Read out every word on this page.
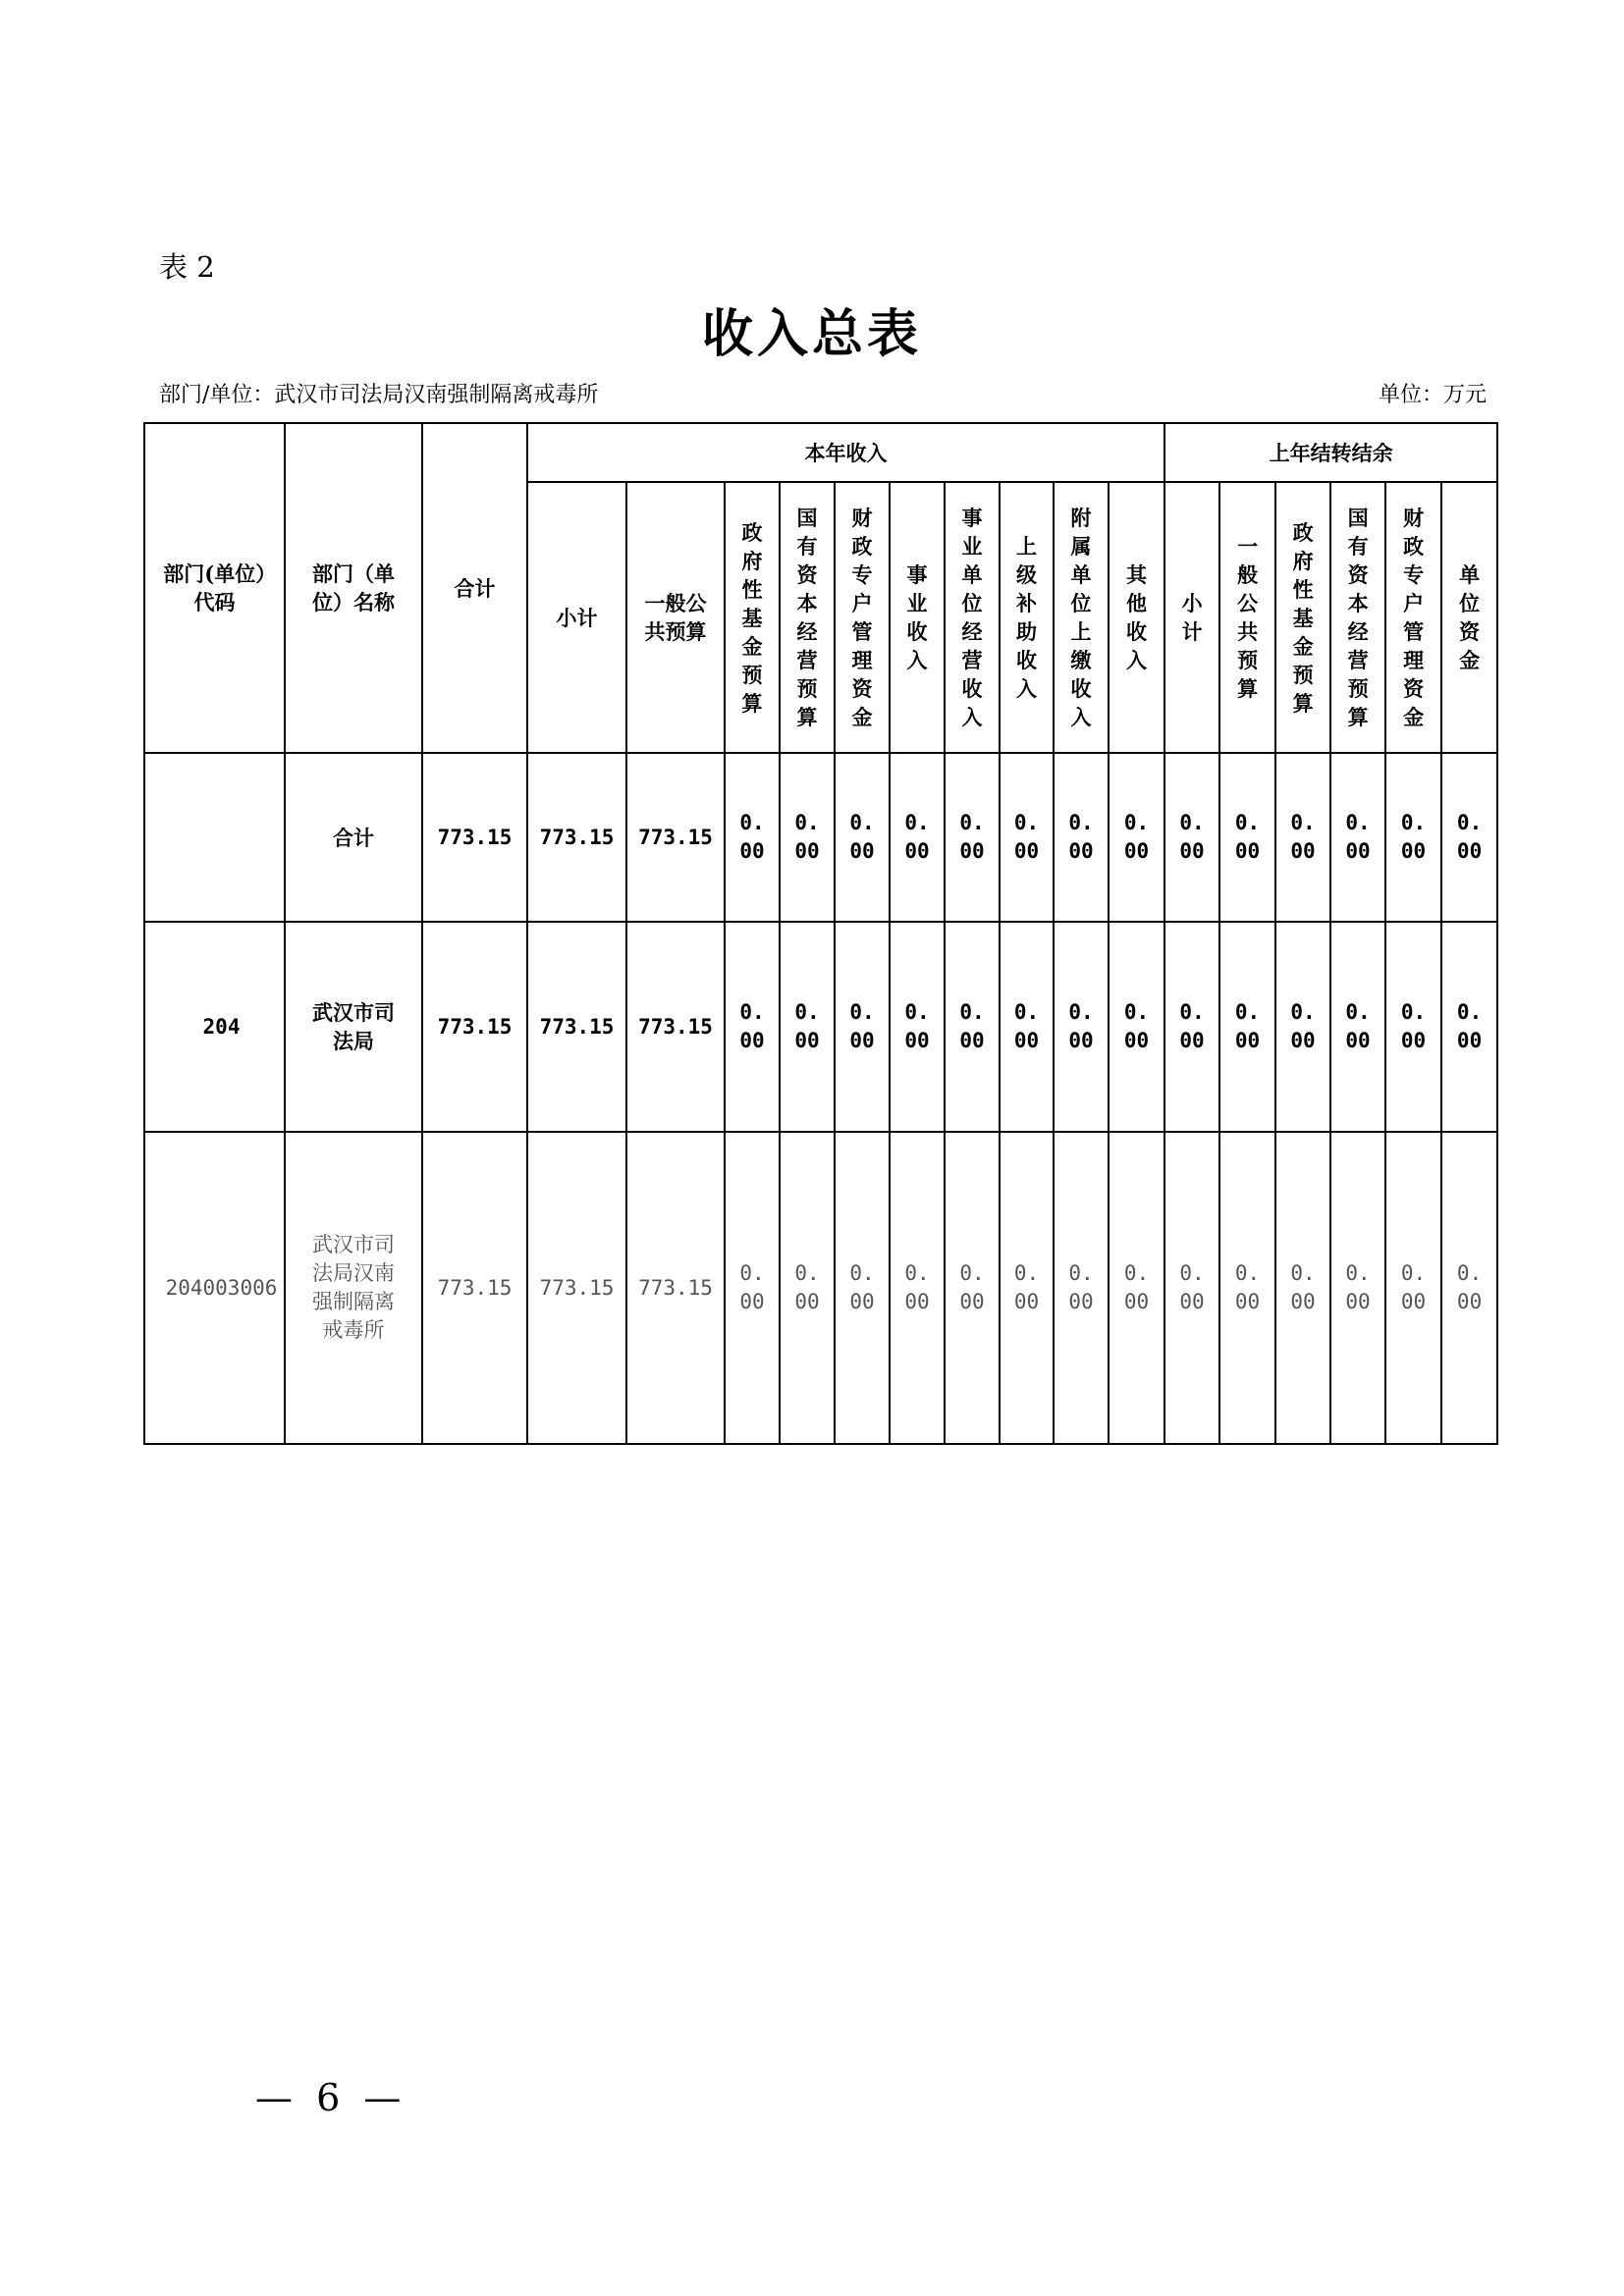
表 2
收入总表
部门/单位：武汉市司法局汉南强制隔离戒毒所	单位：万元
部门(单位）代码	部门（单位）名称	合计	本年收入										上年结转结余					
			小计	一般公共预算	政府性基金预算	国有资本经营预算	财政专户管理资金	事业收入	事业单位经营收入	上级补助收入	附属单位上缴收入	其他收入	小计	一般公共预算	政府性基金预算	国有资本经营预算	财政专户管理资金	单位资金
	合计	773.15	773.15	773.15	0.00	0.00	0.00	0.00	0.00	0.00	0.00	0.00	0.00	0.00	0.00	0.00	0.00	0.00
204	武汉市司法局	773.15	773.15	773.15	0.00	0.00	0.00	0.00	0.00	0.00	0.00	0.00	0.00	0.00	0.00	0.00	0.00	0.00
204003006	武汉市司法局汉南强制隔离戒毒所	773.15	773.15	773.15	0.00	0.00	0.00	0.00	0.00	0.00	0.00	0.00	0.00	0.00	0.00	0.00	0.00	0.00
— 6 —
